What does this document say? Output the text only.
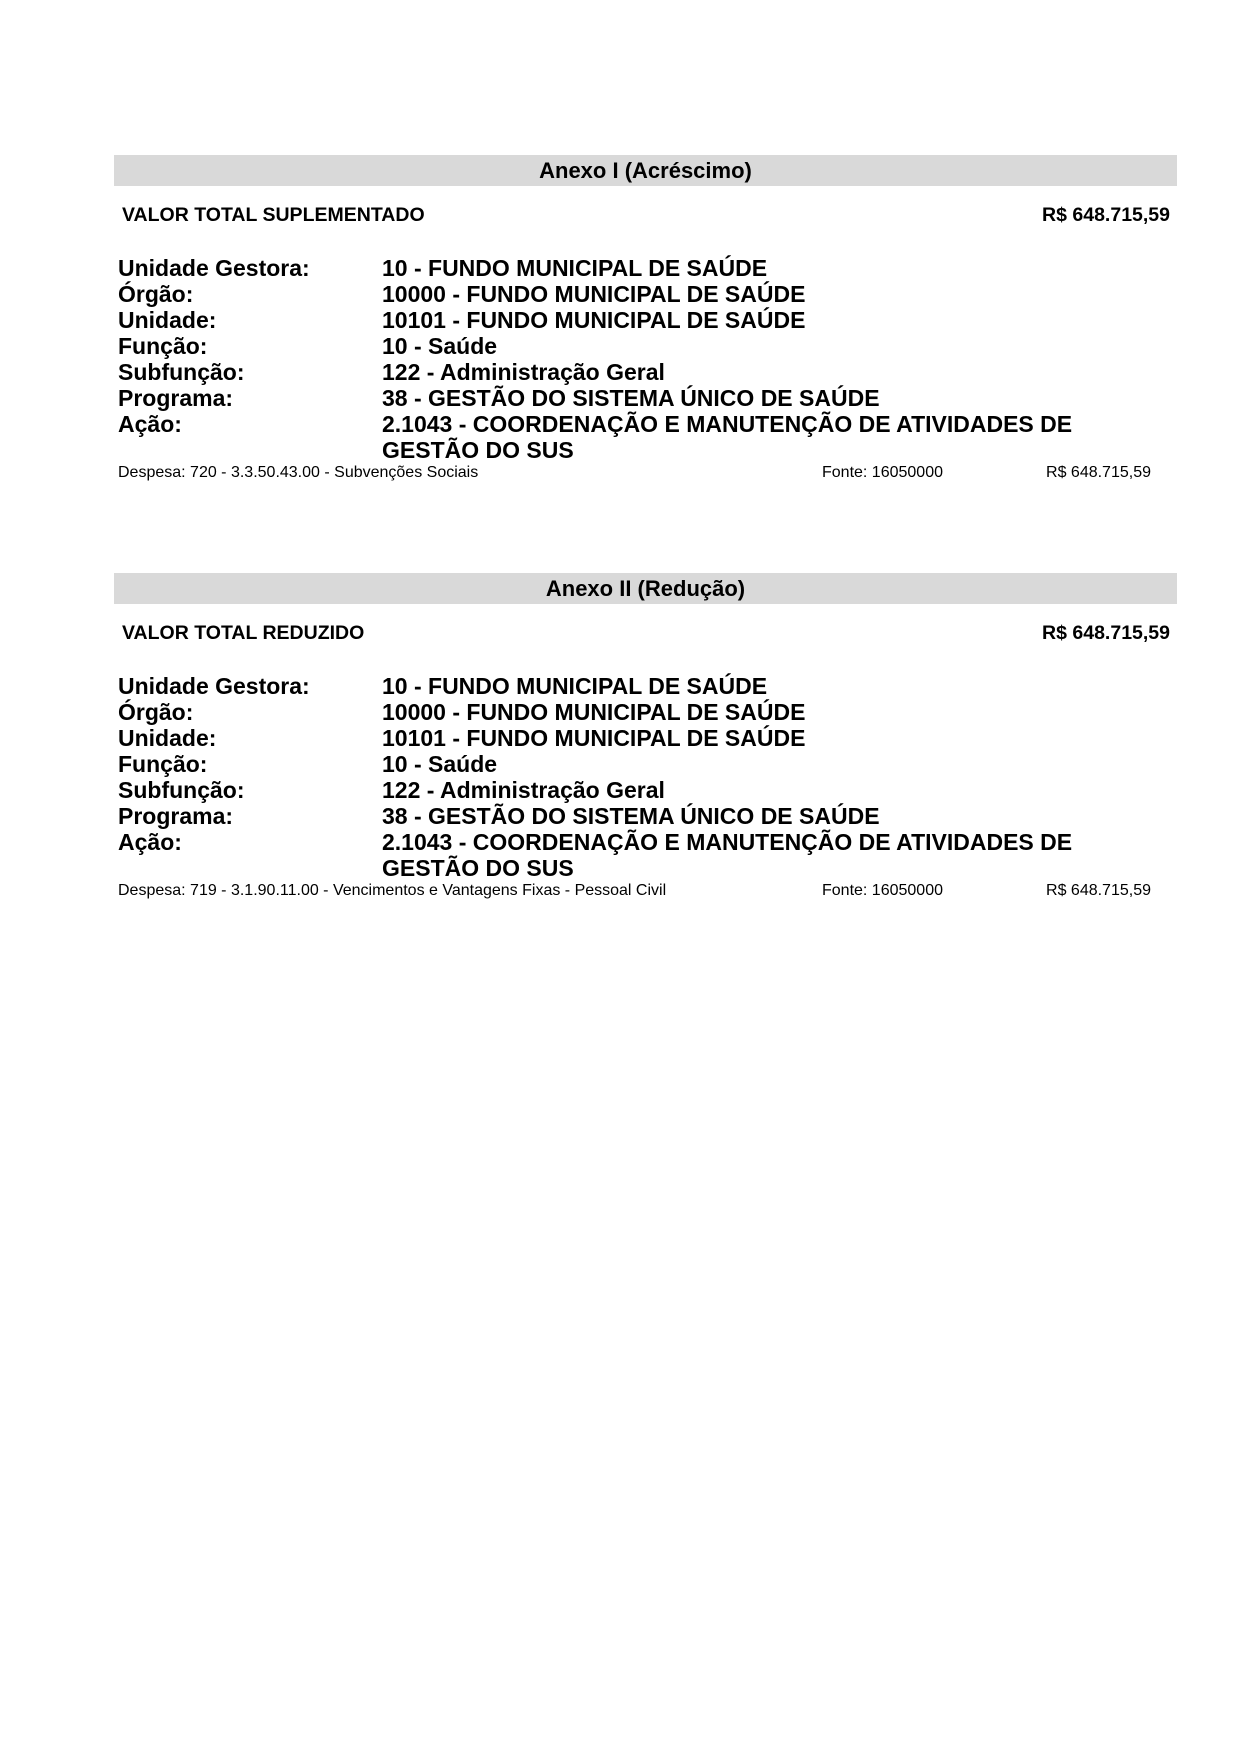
Anexo I (Acréscimo)
VALOR TOTAL SUPLEMENTADO	R$ 648.715,59
Unidade Gestora:	10 - FUNDO MUNICIPAL DE SAÚDE
Órgão:	10000 - FUNDO MUNICIPAL DE SAÚDE
Unidade:	10101 - FUNDO MUNICIPAL DE SAÚDE
Função:	10 - Saúde
Subfunção:	122 - Administração Geral
Programa:	38 - GESTÃO DO SISTEMA ÚNICO DE SAÚDE
Ação:	2.1043 - COORDENAÇÃO E MANUTENÇÃO DE ATIVIDADES DE GESTÃO DO SUS
Despesa: 720 - 3.3.50.43.00 - Subvenções Sociais	Fonte: 16050000	R$ 648.715,59
Anexo II (Redução)
VALOR TOTAL REDUZIDO	R$ 648.715,59
Unidade Gestora:	10 - FUNDO MUNICIPAL DE SAÚDE
Órgão:	10000 - FUNDO MUNICIPAL DE SAÚDE
Unidade:	10101 - FUNDO MUNICIPAL DE SAÚDE
Função:	10 - Saúde
Subfunção:	122 - Administração Geral
Programa:	38 - GESTÃO DO SISTEMA ÚNICO DE SAÚDE
Ação:	2.1043 - COORDENAÇÃO E MANUTENÇÃO DE ATIVIDADES DE GESTÃO DO SUS
Despesa: 719 - 3.1.90.11.00 - Vencimentos e Vantagens Fixas - Pessoal Civil	Fonte: 16050000	R$ 648.715,59
